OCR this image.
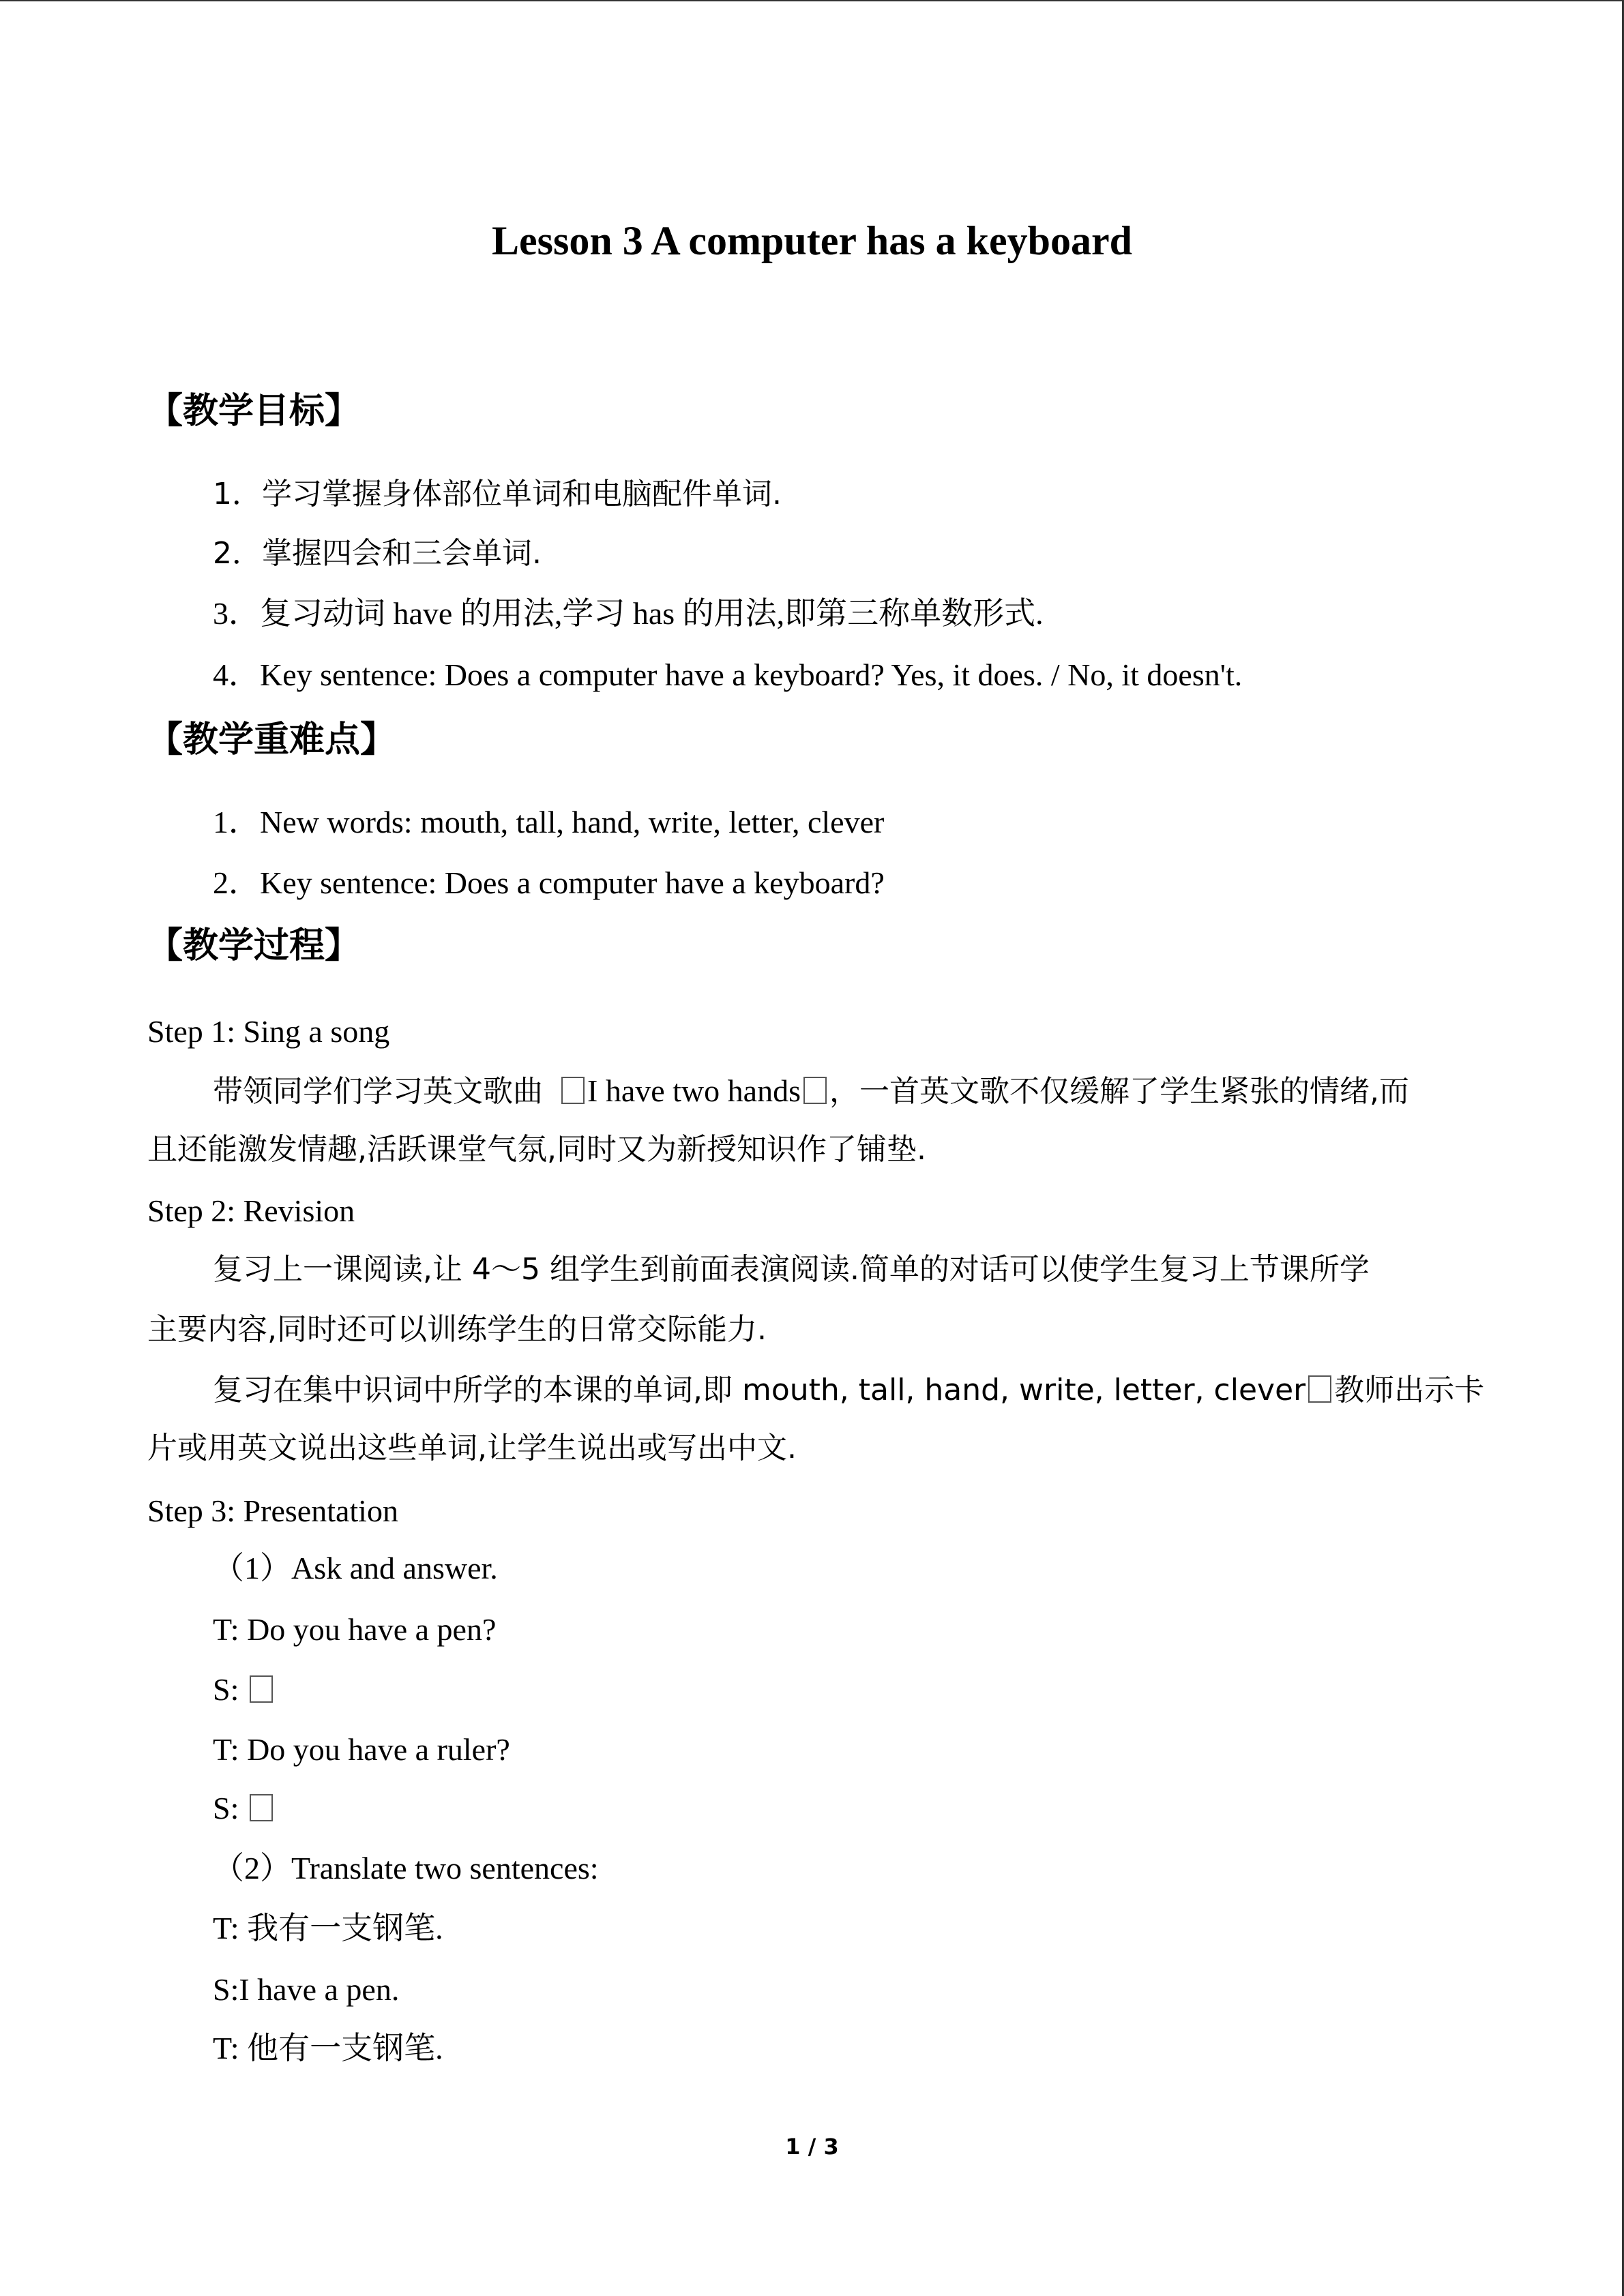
Lesson 3 A computer has a keyboard
【教学目标】
1．学习掌握身体部位单词和电脑配件单词.
2．掌握四会和三会单词.
3．复习动词 have 的用法,学习 has 的用法,即第三称单数形式.
4．Key sentence: Does a computer have a keyboard? Yes, it does. / No, it doesn't.
【教学重难点】
1．New words: mouth, tall, hand, write, letter, clever
2．Key sentence: Does a computer have a keyboard?
【教学过程】
Step 1: Sing a song
带领同学们学习英文歌曲 I have two hands ，一首英文歌不仅缓解了学生紧张的情绪,而
且还能激发情趣,活跃课堂气氛,同时又为新授知识作了铺垫.
Step 2: Revision
复习上一课阅读,让 4～5 组学生到前面表演阅读.简单的对话可以使学生复习上节课所学
主要内容,同时还可以训练学生的日常交际能力.
复习在集中识词中所学的本课的单词,即 mouth, tall, hand, write, letter, clever 教师出示卡
片或用英文说出这些单词,让学生说出或写出中文.
Step 3: Presentation
（1）Ask and answer.
T: Do you have a pen?
S:
T: Do you have a ruler?
S:
（2）Translate two sentences:
T: 我有一支钢笔.
S:I have a pen.
T: 他有一支钢笔.
1 / 3
